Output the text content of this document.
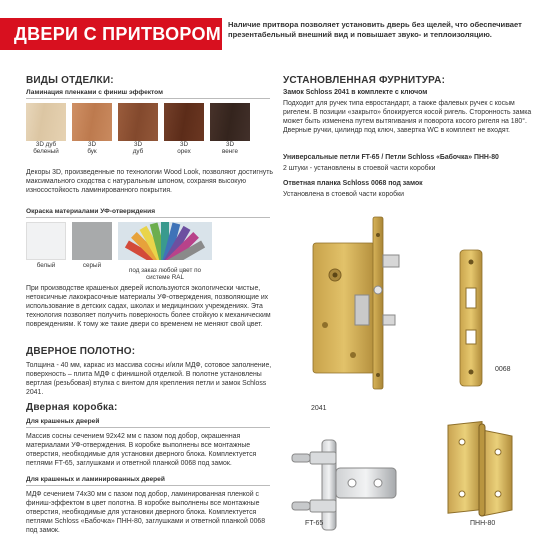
ДВЕРИ С ПРИТВОРОМ Наличие притвора позволяет установить дверь без щелей, что обеспечивает презентабельный внешний вид и повышает звуко- и теплоизоляцию.
ВИДЫ ОТДЕЛКИ:
Ламинация пленками с финиш эффектом
3D дуб
беленый
3D
бук
3D
дуб
3D
орех
3D
венге

Декоры 3D, произведенные по технологии Wood Look, позволяют достигнуть максимального сходства с натуральным шпоном, сохраняя высокую износостойкость ламинированного покрытия.

Окраска материалами УФ-отверждения
белый	серый
под заказ любой цвет по системе RAL

При производстве крашеных дверей используются экологически чистые, нетоксичные лакокрасочные материалы УФ-отверждения, позволяющие их использование в детских садах, школах и медицинских учреждениях. Эта технология позволяет получить поверхность более стойкую к механическим повреждениям. К тому же такие двери со временем не меняют свой цвет.

ДВЕРНОЕ ПОЛОТНО:

Толщина - 40 мм, каркас из массива сосны и/или МДФ, сотовое заполнение, поверхность – плита МДФ с финишной отделкой. В полотне установлены вертлая (резьбовая) втулка с винтом для крепления петли и замок Schloss 2041.

Дверная коробка:
Для крашеных дверей

Массив сосны сечением 92х42 мм с пазом под добор, окрашенная материалами УФ-отверждения. В коробке выполнены все монтажные отверстия, необходимые для установки дверного блока. Комплектуется петлями FT-65, заглушками и ответной планкой 0068 под замок.

Для крашеных и ламинированных дверей

МДФ сечением 74х30 мм с пазом под добор, ламинированная пленкой с финиш-эффектом в цвет полотна. В коробке выполнены все монтажные отверстия, необходимые для установки дверного блока. Комплектуется петлями Schloss «Бабочка» ПНН-80, заглушками и ответной планкой 0068 под замок.

УСТАНОВЛЕННАЯ ФУРНИТУРА:
Замок Schloss 2041 в комплекте с ключом

Подходит для ручек типа евростандарт, а также фалевых ручек с косым ригелем. В позиции «закрыто» блокируется косой ригель. Сторонность замка может быть изменена путем вытягивания и поворота косого ригеля на 180°. Дверные ручки, цилиндр под ключ, завертка WC в комплект не входят.

Универсальные петли FT-65 / Петли Schloss «Бабочка» ПНН-80

2 штуки - установлены в стоевой части коробки

Ответная планка Schloss 0068 под замок

Установлена в стоевой части коробки

2041
0068
FT-65	ПНН-80
